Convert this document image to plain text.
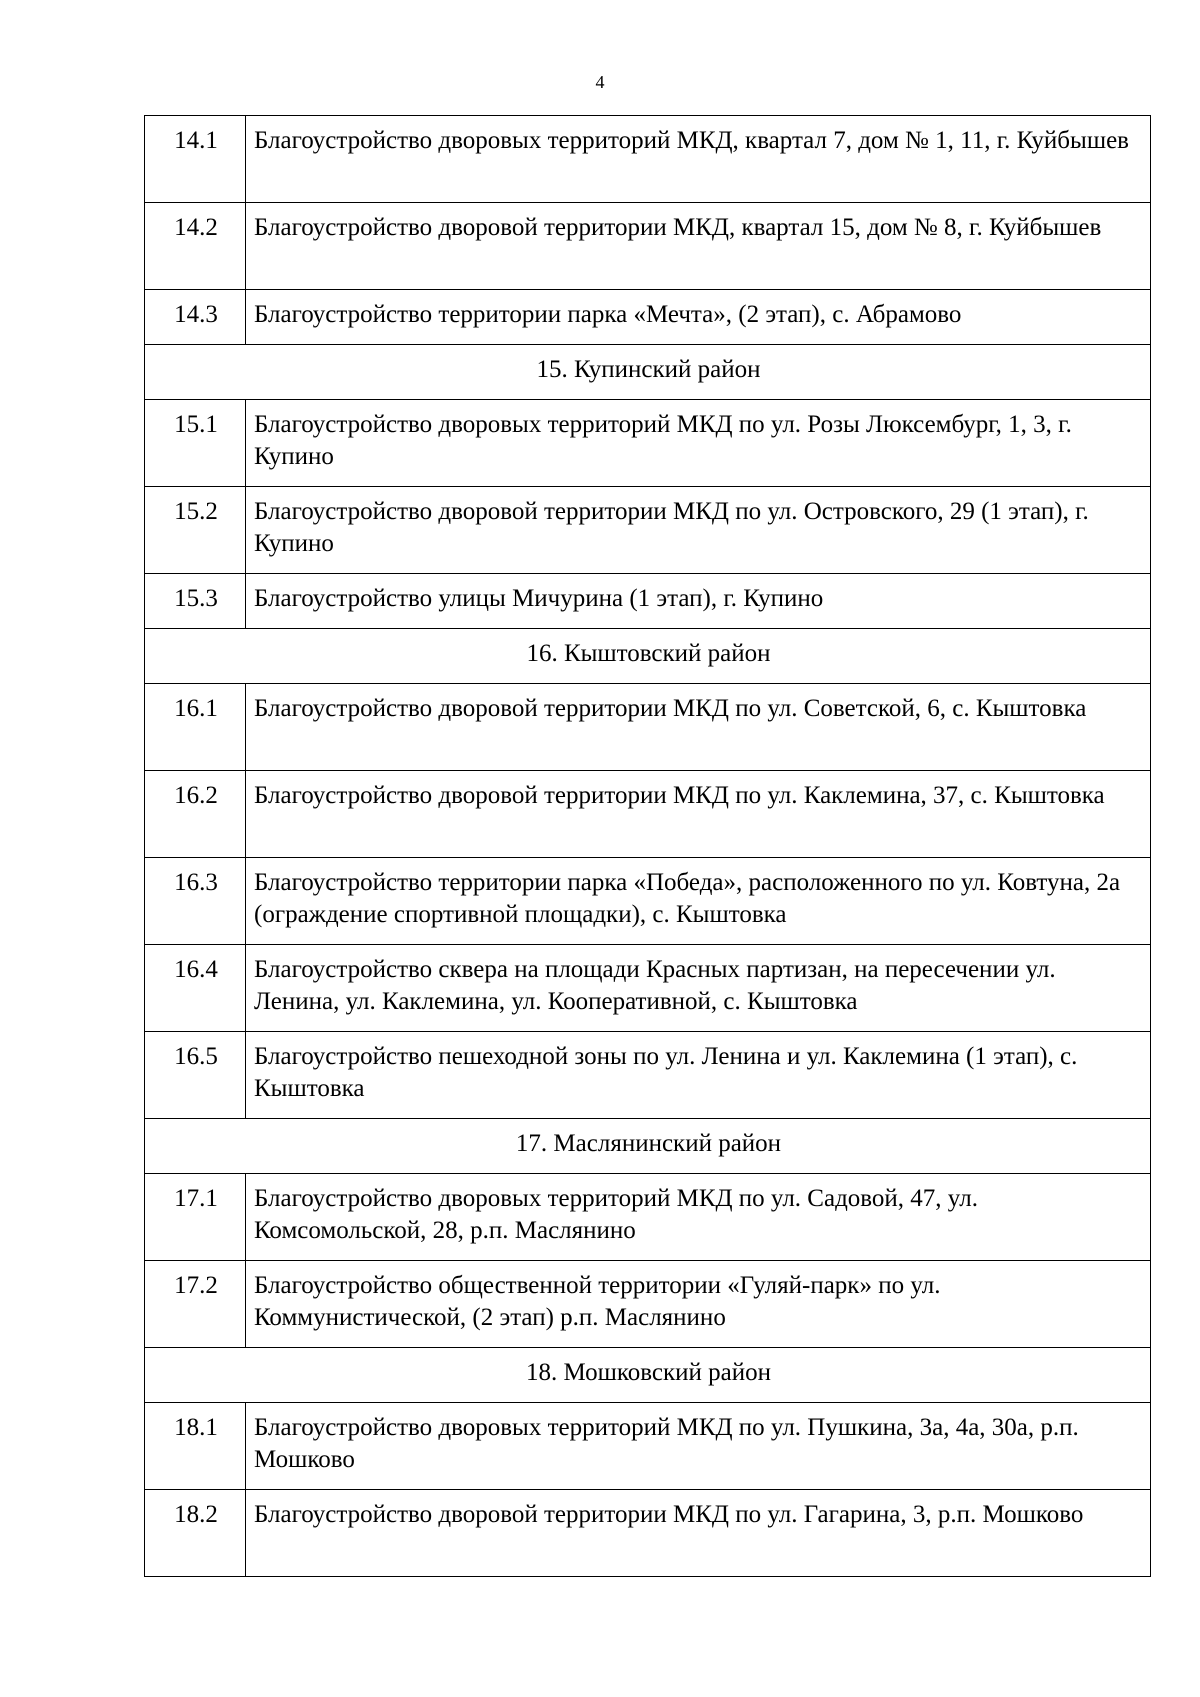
4
14.1	Благоустройство дворовых территорий МКД, квартал 7, дом № 1, 11, г. Куйбышев
14.2	Благоустройство дворовой территории МКД, квартал 15, дом № 8, г. Куйбышев
14.3	Благоустройство территории парка «Мечта», (2 этап), с. Абрамово
15. Купинский район	
15.1	Благоустройство дворовых территорий МКД по ул. Розы Люксембург, 1, 3, г. Купино
15.2	Благоустройство дворовой территории МКД по ул. Островского, 29 (1 этап), г. Купино
15.3	Благоустройство улицы Мичурина (1 этап), г. Купино
16. Кыштовский район	
16.1	Благоустройство дворовой территории МКД по ул. Советской, 6, с. Кыштовка
16.2	Благоустройство дворовой территории МКД по ул. Каклемина, 37, с. Кыштовка
16.3	Благоустройство территории парка «Победа», расположенного по ул. Ковтуна, 2а (ограждение спортивной площадки), с. Кыштовка
16.4	Благоустройство сквера на площади Красных партизан, на пересечении ул. Ленина, ул. Каклемина, ул. Кооперативной, с. Кыштовка
16.5	Благоустройство пешеходной зоны по ул. Ленина и ул. Каклемина (1 этап), с. Кыштовка
17. Маслянинский район	
17.1	Благоустройство дворовых территорий МКД по ул. Садовой, 47, ул. Комсомольской, 28, р.п. Маслянино
17.2	Благоустройство общественной территории «Гуляй-парк» по ул. Коммунистической, (2 этап) р.п. Маслянино
18. Мошковский район	
18.1	Благоустройство дворовых территорий МКД по ул. Пушкина, 3а, 4а, 30а, р.п. Мошково
18.2	Благоустройство дворовой территории МКД по ул. Гагарина, 3, р.п. Мошково
